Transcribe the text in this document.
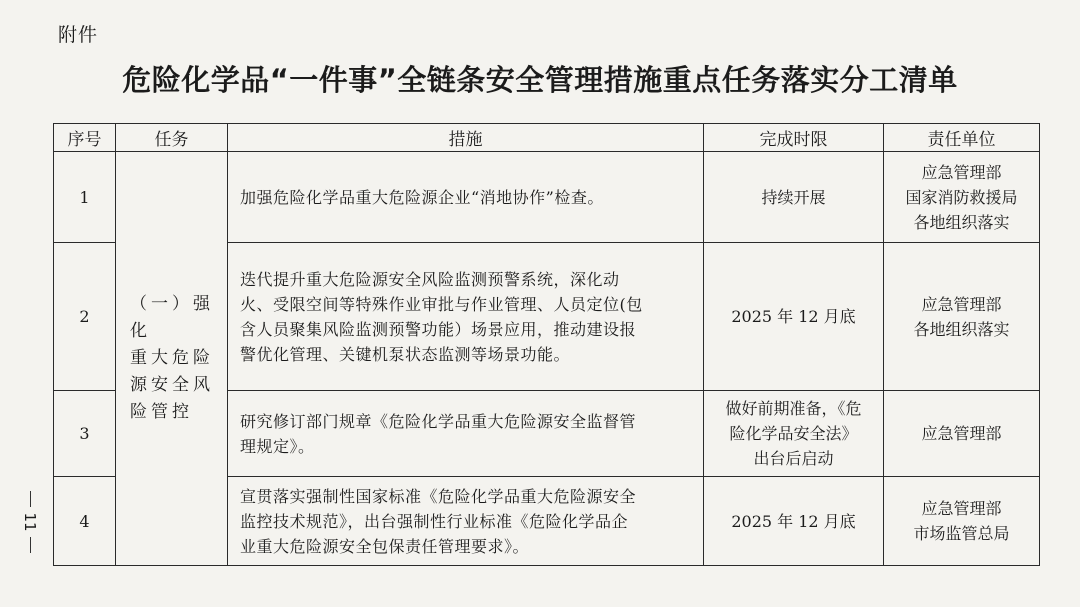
附件
危险化学品“一件事”全链条安全管理措施重点任务落实分工清单
序号	任务	措施	完成时限	责任单位
1	（一）强化
重大危险
源安全风
险管控	加强危险化学品重大危险源企业“消地协作”检查。	持续开展	应急管理部
国家消防救援局
各地组织落实

2		迭代提升重大危险源安全风险监测预警系统，深化动
火、受限空间等特殊作业审批与作业管理、人员定位(包
含人员聚集风险监测预警功能）场景应用，推动建设报
警优化管理、关键机泵状态监测等场景功能。	2025 年 12 月底	应急管理部
各地组织落实

3		研究修订部门规章《危险化学品重大危险源安全监督管
理规定》。	做好前期准备，《危
险化学品安全法》
出台后启动	应急管理部

4		宣贯落实强制性国家标准《危险化学品重大危险源安全
监控技术规范》，出台强制性行业标准《危险化学品企
业重大危险源安全包保责任管理要求》。	2025 年 12 月底	应急管理部
市场监管总局
11
